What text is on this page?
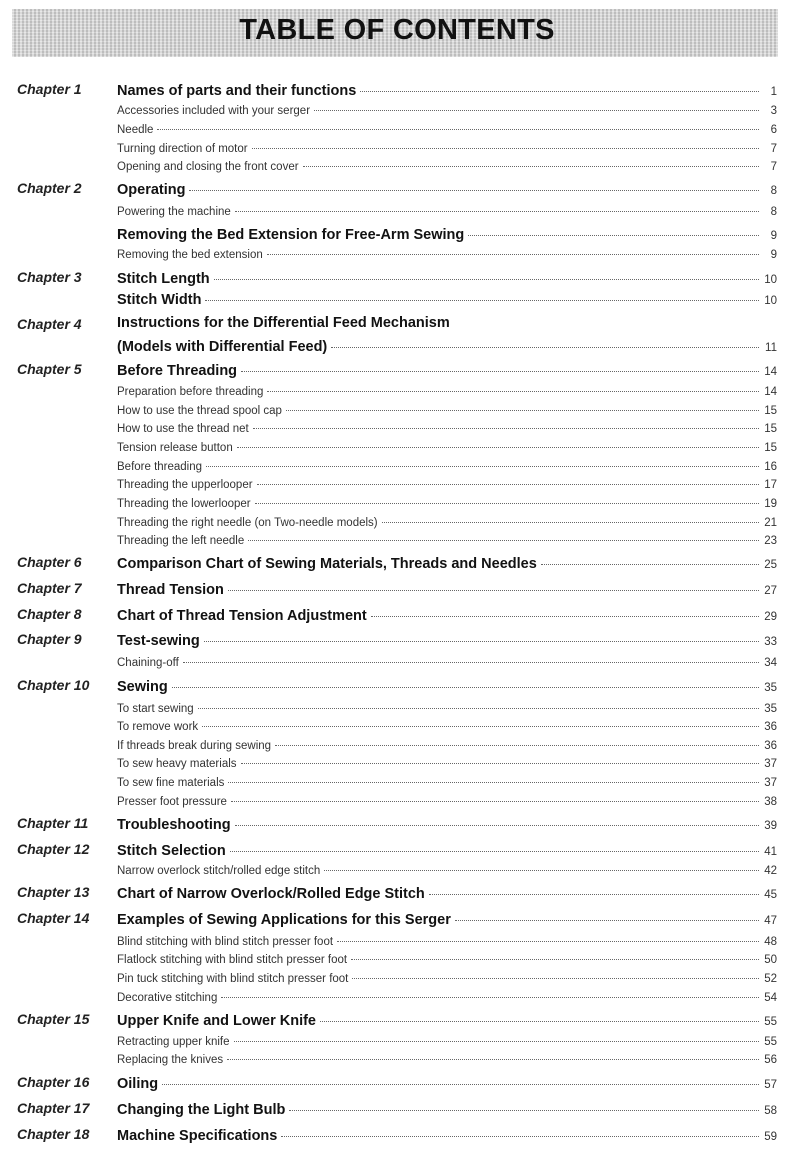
TABLE OF CONTENTS
Chapter 1 Names of parts and their functions	1
Accessories included with your serger	3
Needle	6
Turning direction of motor	7
Opening and closing the front cover	7
Chapter 2 Operating	8
Powering the machine	8
Removing the Bed Extension for Free-Arm Sewing	9
Removing the bed extension	9
Chapter 3 Stitch Length	10
Stitch Width	10
Chapter 4 Instructions for the Differential Feed Mechanism
(Models with Differential Feed)	11
Chapter 5 Before Threading	14
Preparation before threading	14
How to use the thread spool cap	15
How to use the thread net	15
Tension release button	15
Before threading	16
Threading the upperlooper	17
Threading the lowerlooper	19
Threading the right needle (on Two-needle models)	21
Threading the left needle	23
Chapter 6 Comparison Chart of Sewing Materials, Threads and Needles	25
Chapter 7 Thread Tension	27
Chapter 8 Chart of Thread Tension Adjustment	29
Chapter 9 Test-sewing	33
Chaining-off	34
Chapter 10 Sewing	35
To start sewing	35
To remove work	36
If threads break during sewing	36
To sew heavy materials	37
To sew fine materials	37
Presser foot pressure	38
Chapter 11 Troubleshooting	39
Chapter 12 Stitch Selection	41
Narrow overlock stitch/rolled edge stitch	42
Chapter 13 Chart of Narrow Overlock/Rolled Edge Stitch	45
Chapter 14 Examples of Sewing Applications for this Serger	47
Blind stitching with blind stitch presser foot	48
Flatlock stitching with blind stitch presser foot	50
Pin tuck stitching with blind stitch presser foot	52
Decorative stitching	54
Chapter 15 Upper Knife and Lower Knife	55
Retracting upper knife	55
Replacing the knives	56
Chapter 16 Oiling	57
Chapter 17 Changing the Light Bulb	58
Chapter 18 Machine Specifications	59
